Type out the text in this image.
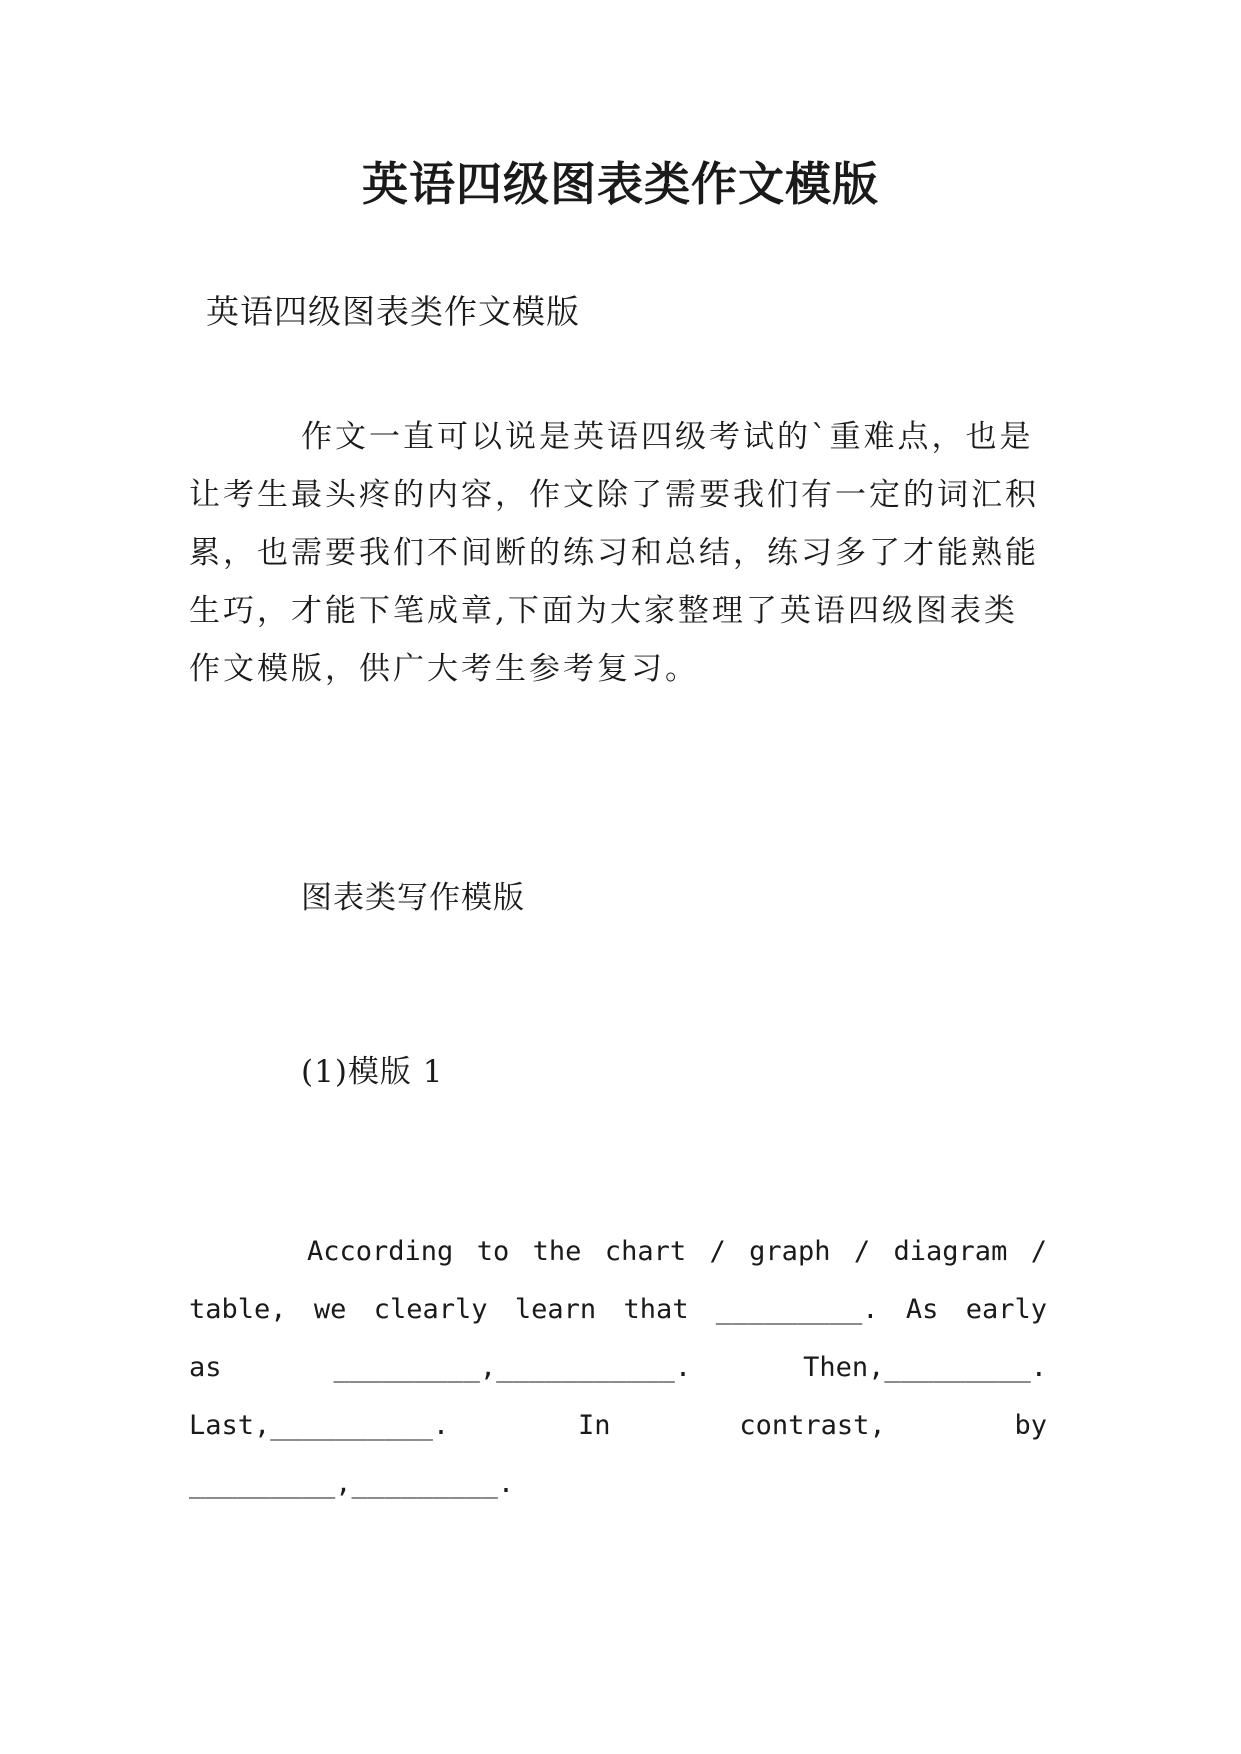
英语四级图表类作文模版

英语四级图表类作文模版

作文一直可以说是英语四级考试的`重难点，也是让考生最头疼的内容，作文除了需要我们有一定的词汇积累，也需要我们不间断的练习和总结，练习多了才能熟能生巧，才能下笔成章,下面为大家整理了英语四级图表类作文模版，供广大考生参考复习。

图表类写作模版

(1)模版 1

According to the chart / graph / diagram / table, we clearly learn that _________. As early as _________,___________. Then,_________. Last,__________. In contrast, by _________,_________.
